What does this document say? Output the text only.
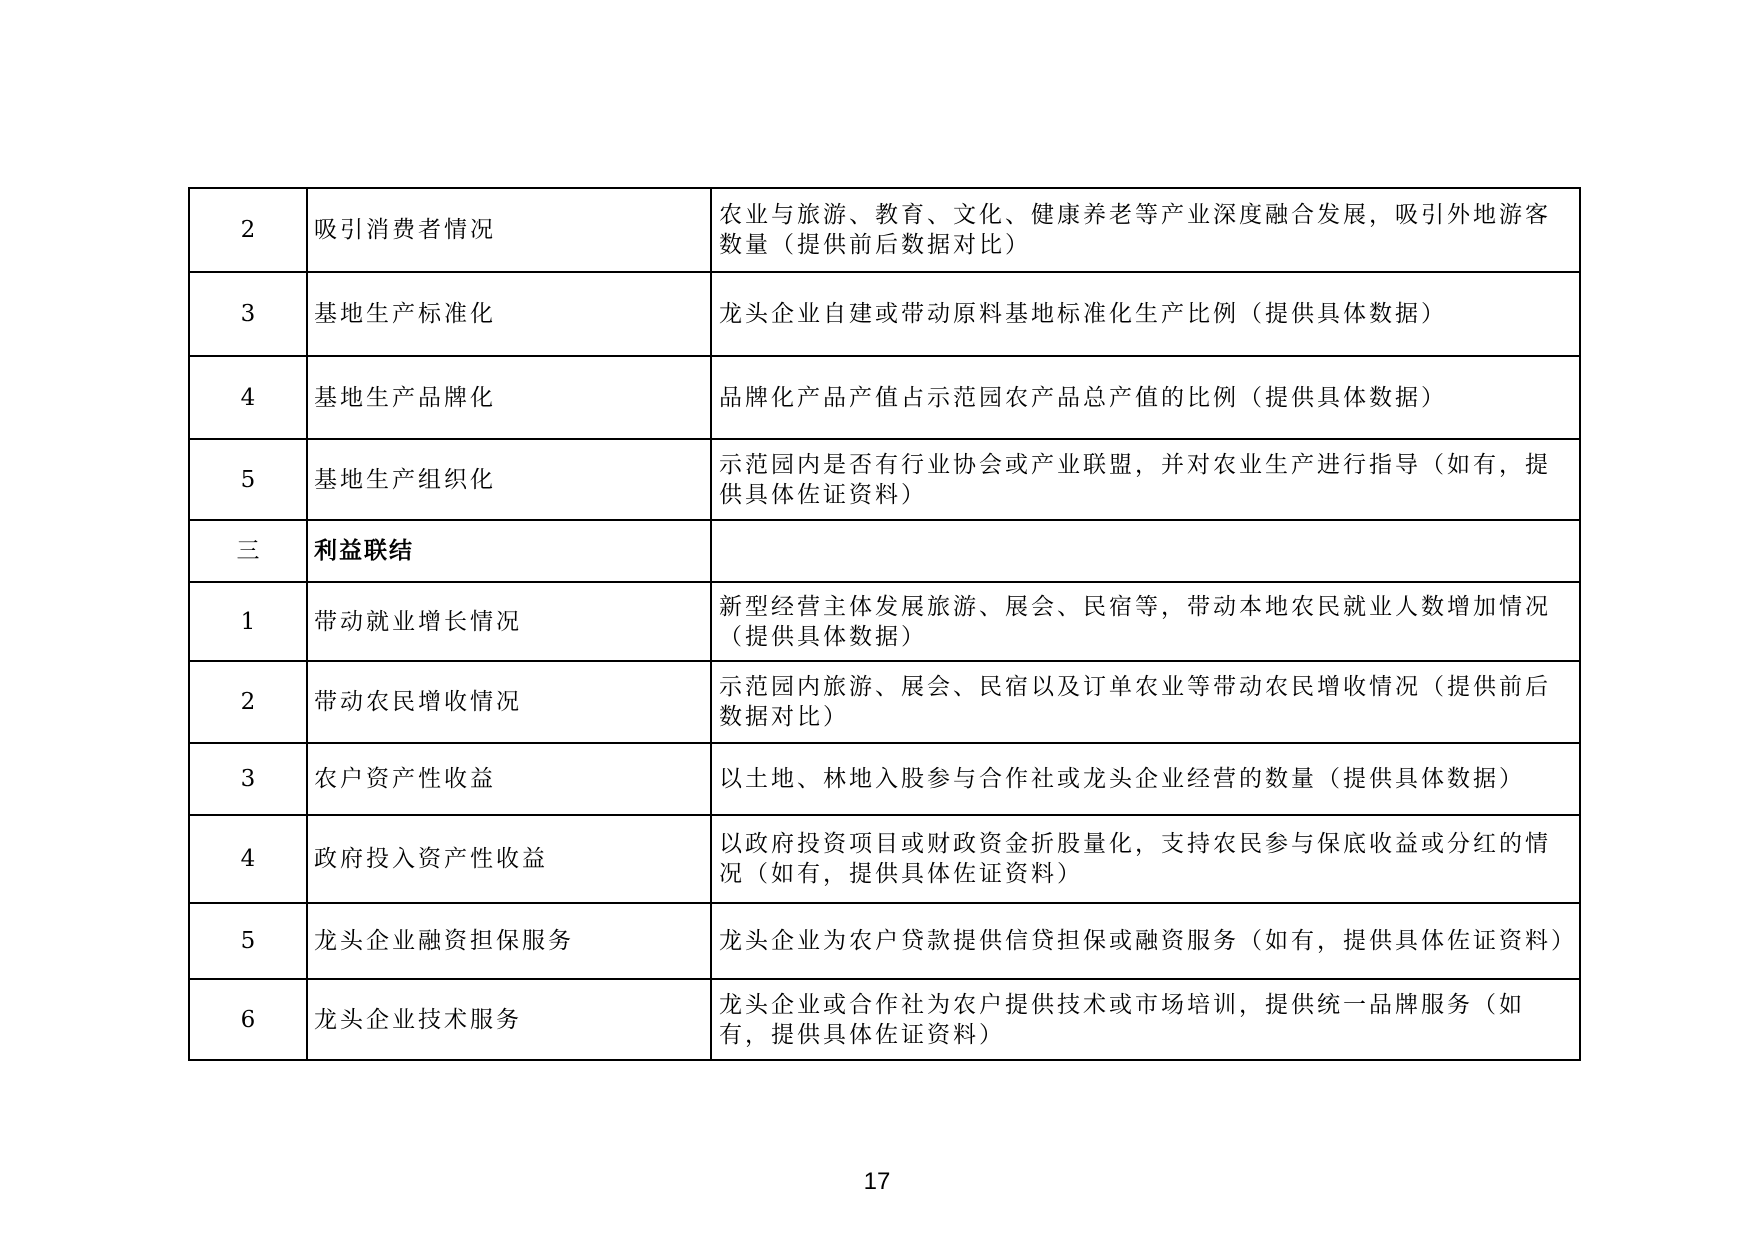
2	吸引消费者情况	农业与旅游、教育、文化、健康养老等产业深度融合发展，吸引外地游客数量（提供前后数据对比）
3	基地生产标准化	龙头企业自建或带动原料基地标准化生产比例（提供具体数据）
4	基地生产品牌化	品牌化产品产值占示范园农产品总产值的比例（提供具体数据）
5	基地生产组织化	示范园内是否有行业协会或产业联盟，并对农业生产进行指导（如有，提供具体佐证资料）
三	利益联结	
1	带动就业增长情况	新型经营主体发展旅游、展会、民宿等，带动本地农民就业人数增加情况（提供具体数据）
2	带动农民增收情况	示范园内旅游、展会、民宿以及订单农业等带动农民增收情况（提供前后数据对比）
3	农户资产性收益	以土地、林地入股参与合作社或龙头企业经营的数量（提供具体数据）
4	政府投入资产性收益	以政府投资项目或财政资金折股量化，支持农民参与保底收益或分红的情况（如有，提供具体佐证资料）
5	龙头企业融资担保服务	龙头企业为农户贷款提供信贷担保或融资服务（如有，提供具体佐证资料）
6	龙头企业技术服务	龙头企业或合作社为农户提供技术或市场培训，提供统一品牌服务（如有，提供具体佐证资料）
17
